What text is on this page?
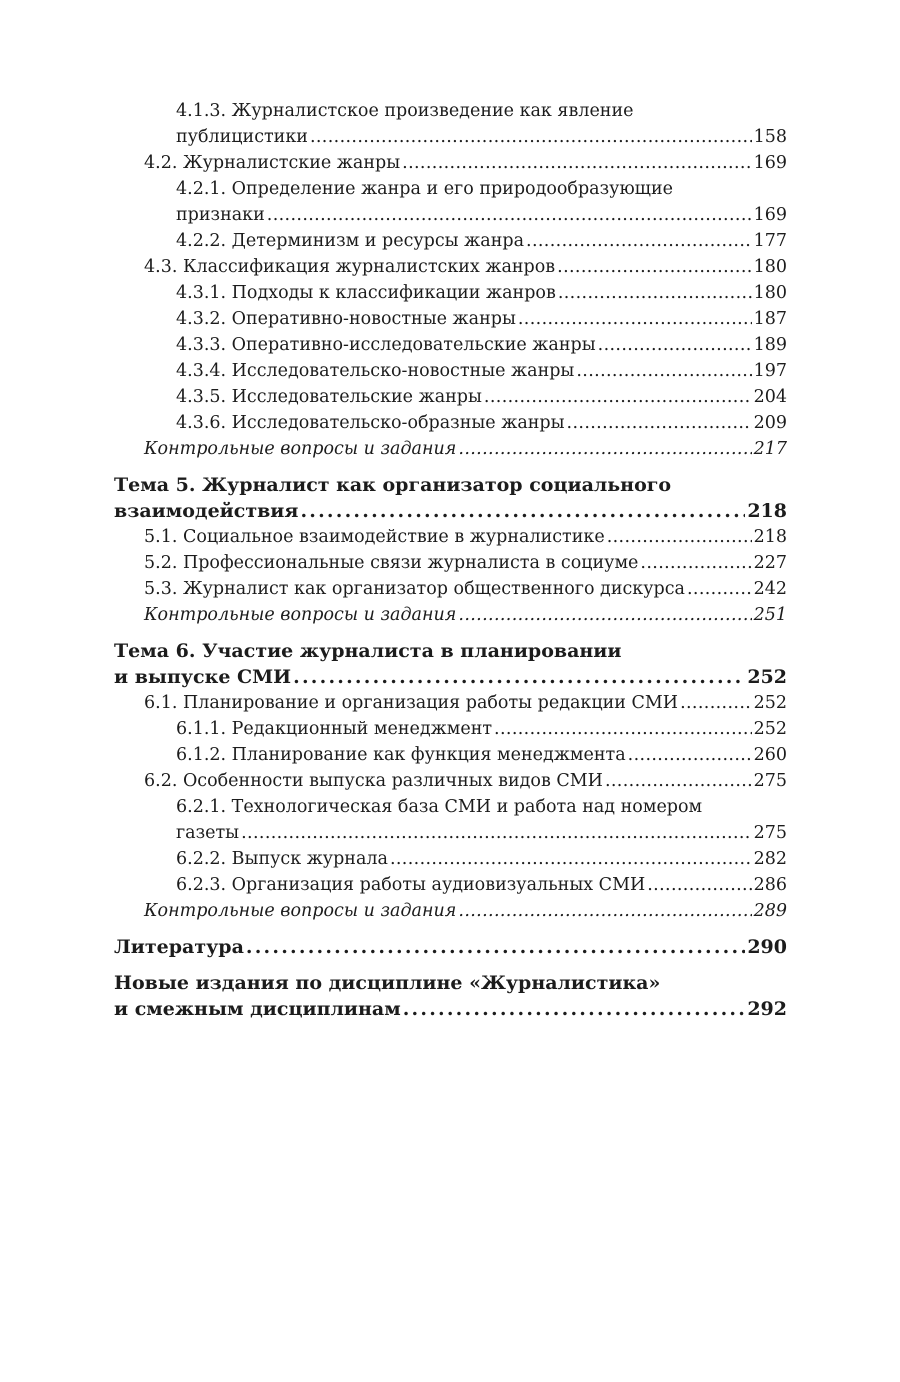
4.1.3. Журналистское произведение как явление
публицистики . . .	158
4.2. Журналистские жанры . . .	169
4.2.1. Определение жанра и его природообразующие
признаки . . .	169
4.2.2. Детерминизм и ресурсы жанра . . .	177
4.3. Классификация журналистских жанров . . .	180
4.3.1. Подходы к классификации жанров . . .	180
4.3.2. Оперативно-новостные жанры . . .	187
4.3.3. Оперативно-исследовательские жанры . . .	189
4.3.4. Исследовательско-новостные жанры . . .	197
4.3.5. Исследовательские жанры . . .	204
4.3.6. Исследовательско-образные жанры . . .	209
Контрольные вопросы и задания . . .	217
Тема 5. Журналист как организатор социального
взаимодействия . . .	218
5.1. Социальное взаимодействие в журналистике . . .	218
5.2. Профессиональные связи журналиста в социуме . . .	227
5.3. Журналист как организатор общественного дискурса . . .	242
Контрольные вопросы и задания . . .	251
Тема 6. Участие журналиста в планировании
и выпуске СМИ . . .	252
6.1. Планирование и организация работы редакции СМИ . . .	252
6.1.1. Редакционный менеджмент . . .	252
6.1.2. Планирование как функция менеджмента . . .	260
6.2. Особенности выпуска различных видов СМИ . . .	275
6.2.1. Технологическая база СМИ и работа над номером
газеты . . .	275
6.2.2. Выпуск журнала . . .	282
6.2.3. Организация работы аудиовизуальных СМИ . . .	286
Контрольные вопросы и задания . . .	289
Литература . . .	290
Новые издания по дисциплине «Журналистика»
и смежным дисциплинам . . .	292
